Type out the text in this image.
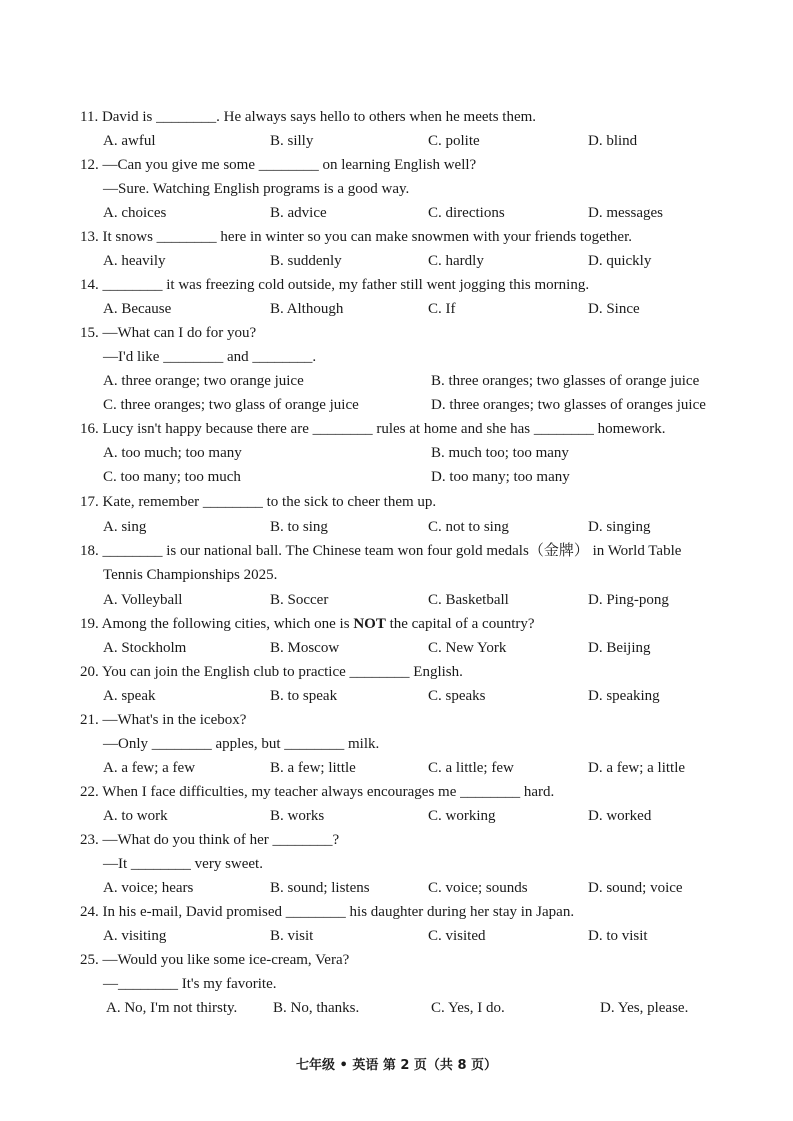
11. David is ________. He always says hello to others when he meets them.
A. awful	B. silly	C. polite	D. blind
12. —Can you give me some ________ on learning English well?
—Sure. Watching English programs is a good way.
A. choices	B. advice	C. directions	D. messages
13. It snows ________ here in winter so you can make snowmen with your friends together.
A. heavily	B. suddenly	C. hardly	D. quickly
14. ________ it was freezing cold outside, my father still went jogging this morning.
A. Because	B. Although	C. If	D. Since
15. —What can I do for you?
—I'd like ________ and ________.
A. three orange; two orange juice	B. three oranges; two glasses of orange juice
C. three oranges; two glass of orange juice	D. three oranges; two glasses of oranges juice
16. Lucy isn't happy because there are ________ rules at home and she has ________ homework.
A. too much; too many	B. much too; too many
C. too many; too much	D. too many; too many
17. Kate, remember ________ to the sick to cheer them up.
A. sing	B. to sing	C. not to sing	D. singing
18. ________ is our national ball. The Chinese team won four gold medals（金牌） in World Table
Tennis Championships 2025.
A. Volleyball	B. Soccer	C. Basketball	D. Ping-pong
19. Among the following cities, which one is NOT the capital of a country?
A. Stockholm	B. Moscow	C. New York	D. Beijing
20. You can join the English club to practice ________ English.
A. speak	B. to speak	C. speaks	D. speaking
21. —What's in the icebox?
—Only ________ apples, but ________ milk.
A. a few; a few	B. a few; little	C. a little; few	D. a few; a little
22. When I face difficulties, my teacher always encourages me ________ hard.
A. to work	B. works	C. working	D. worked
23. —What do you think of her ________?
—It ________ very sweet.
A. voice; hears	B. sound; listens	C. voice; sounds	D. sound; voice
24. In his e-mail, David promised ________ his daughter during her stay in Japan.
A. visiting	B. visit	C. visited	D. to visit
25. —Would you like some ice-cream, Vera?
—________ It's my favorite.
A. No, I'm not thirsty. B. No, thanks.	C. Yes, I do.	D. Yes, please.
七年级 • 英语 第 2 页（共 8 页）
